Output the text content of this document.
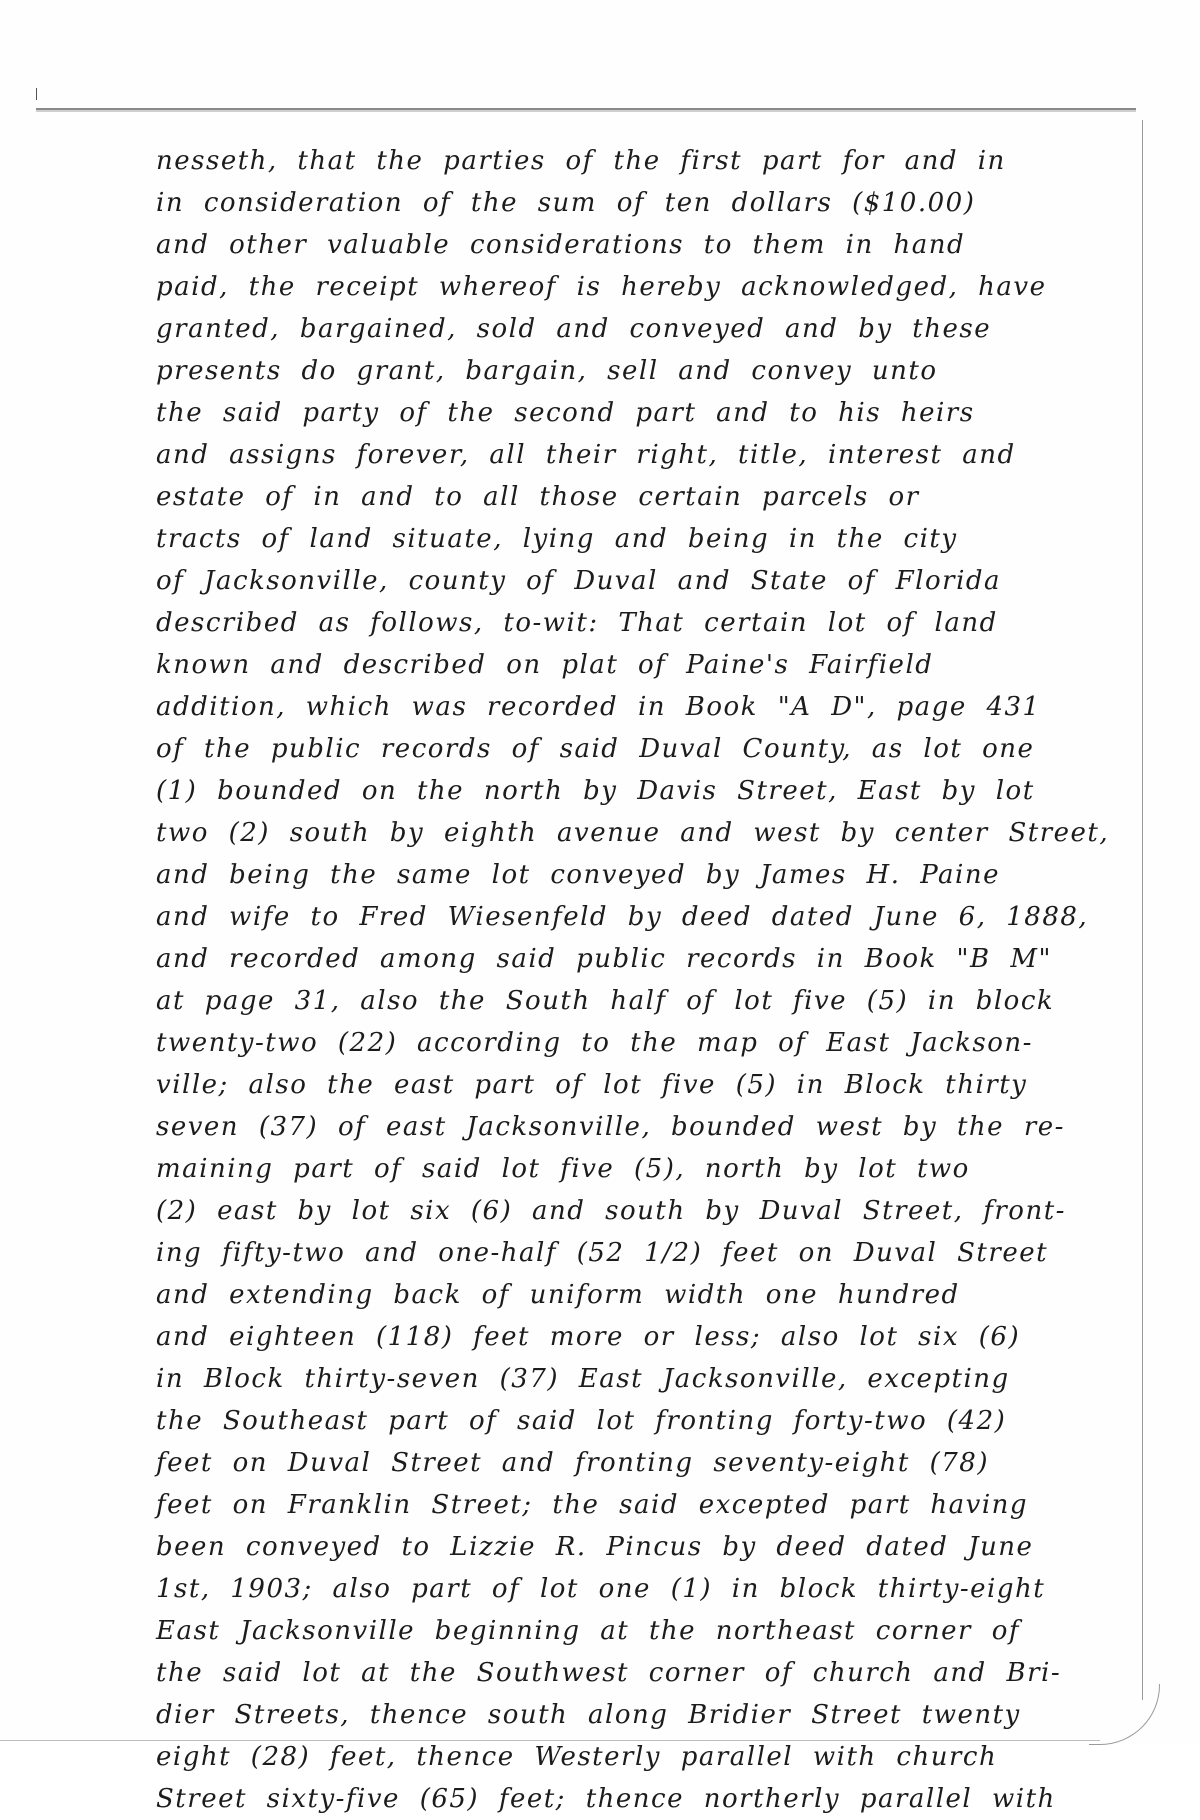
nesseth, that the parties of the first part for and in
in consideration of the sum of ten dollars ($10.00)
and other valuable considerations to them in hand
paid, the receipt whereof is hereby acknowledged, have
granted, bargained, sold and conveyed and by these
presents do grant, bargain, sell and convey unto
the said party of the second part and to his heirs
and assigns forever, all their right, title, interest and
estate of in and to all those certain parcels or
tracts of land situate, lying and being in the city
of Jacksonville, county of Duval and State of Florida
described as follows, to-wit: That certain lot of land
known and described on plat of Paine's Fairfield
addition, which was recorded in Book "A D", page 431
of the public records of said Duval County, as lot one
(1) bounded on the north by Davis Street, East by lot
two (2) south by eighth avenue and west by center Street,
and being the same lot conveyed by James H. Paine
and wife to Fred Wiesenfeld by deed dated June 6, 1888,
and recorded among said public records in Book "B M"
at page 31, also the South half of lot five (5) in block
twenty-two (22) according to the map of East Jackson-
ville; also the east part of lot five (5) in Block thirty
seven (37) of east Jacksonville, bounded west by the re-
maining part of said lot five (5), north by lot two
(2) east by lot six (6) and south by Duval Street, front-
ing fifty-two and one-half (52 1/2) feet on Duval Street
and extending back of uniform width one hundred
and eighteen (118) feet more or less; also lot six (6)
in Block thirty-seven (37) East Jacksonville, excepting
the Southeast part of said lot fronting forty-two (42)
feet on Duval Street and fronting seventy-eight (78)
feet on Franklin Street; the said excepted part having
been conveyed to Lizzie R. Pincus by deed dated June
1st, 1903; also part of lot one (1) in block thirty-eight
East Jacksonville beginning at the northeast corner of
the said lot at the Southwest corner of church and Bri-
dier Streets, thence south along Bridier Street twenty
eight (28) feet, thence Westerly parallel with church
Street sixty-five (65) feet; thence northerly parallel with
